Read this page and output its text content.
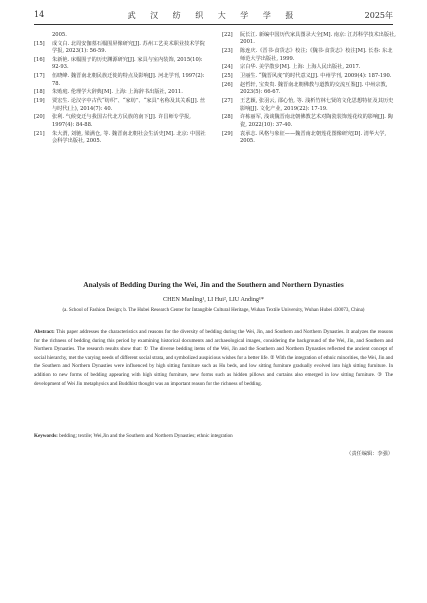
14	武 汉 纺 织 大 学 学 报	2025年
2005.
[15] 成文白. 北周安伽墓石榻围屏像研究[J]. 苏州工艺美术职业技术学院学报, 2023(1): 56-59.
[16] 朱新艳. 床榻围子的历史渊源研究[J]. 家具与室内装饰, 2015(10): 92-93.
[17] 伍晓峰. 魏晋南北朝民族迁徙的特点及影响[J]. 河北学刊, 1997(2): 78.
[18] 朱贻庭. 伦理学大辞典[M]. 上海: 上海辞书出版社, 2011.
[19] 贾宏生. 论汉字中古代“纺织”、“家纺”、“家具”名称及其关系[J]. 丝与时代(上), 2014(7): 40.
[20] 张利. 气候变迁与我国古代北方民族的南下[J]. 许昌师专学报, 1997(4): 84-88.
[21] 朱大渭, 刘驰, 梁满仓, 等. 魏晋南北朝社会生活史[M]. 北京: 中国社会科学出版社, 2005.
[22] 阮长江. 新编中国历代家具图录大全[M]. 南京: 江苏科学技术出版社, 2001.
[23] 陈连庆.《晋书·食货志》校注;《魏书·食货志》校注[M]. 长春: 东北师范大学出版社, 1999.
[24] 宗白华. 美学散步[M]. 上海: 上海人民出版社, 2017.
[25] 卫丽生. “魏晋风度”的时代意义[J]. 中州学刊, 2009(4): 187-190.
[26] 赵哲轩, 宝贵贵. 魏晋南北朝佛教与道教的交流互鉴[J]. 中州宗教, 2023(5): 66-67.
[27] 王艺颖, 张羽云, 邵心怡, 等. 浅析竹林七贤的文化思想特征及其历史影响[J]. 文化产业, 2019(22): 17-19.
[28] 许栋丽军, 浅谈魏晋南北朝佛教艺术对陶瓷装饰莲花纹的影响[J]. 陶瓷, 2022(10): 37-40.
[29] 袁承志. 风格与象征——魏晋南北朝莲花图像研究[D]. 清华大学, 2005.
Analysis of Bedding During the Wei, Jin and the Southern and Northern Dynasties
CHEN Manling¹, LI Hui², LIU Anding¹*
(a. School of Fashion Design; b. The Hubei Research Center for Intangible Cultural Heritage, Wuhan Textile University, Wuhan Hubei 430073, China)
Abstract: This paper addresses the characteristics and reasons for the diversity of bedding during the Wei, Jin, and Southern and Northern Dynasties. It analyzes the reasons for the richness of bedding during this period by examining historical documents and archaeological images, considering the background of the Wei, Jin, and Southern and Northern Dynasties. The research results show that: ① The diverse bedding items of the Wei, Jin and the Southern and Northern Dynasties reflected the ancient concept of social hierarchy, met the varying needs of different social strata, and symbolized auspicious wishes for a better life. ② With the integration of ethnic minorities, the Wei, Jin and the Southern and Northern Dynasties were influenced by high sitting furniture such as Hu beds, and low sitting furniture gradually evolved into high sitting furniture. In addition to new forms of bedding appearing with high sitting furniture, new forms such as hidden pillows and curtains also emerged in low sitting furniture. ③ The development of Wei Jin metaphysics and Buddhist thought was an important reason for the richness of bedding.
Keywords: bedding; textile; Wei,Jin and the Southern and Northern Dynasties; ethnic integration
（责任编辑：李强）
